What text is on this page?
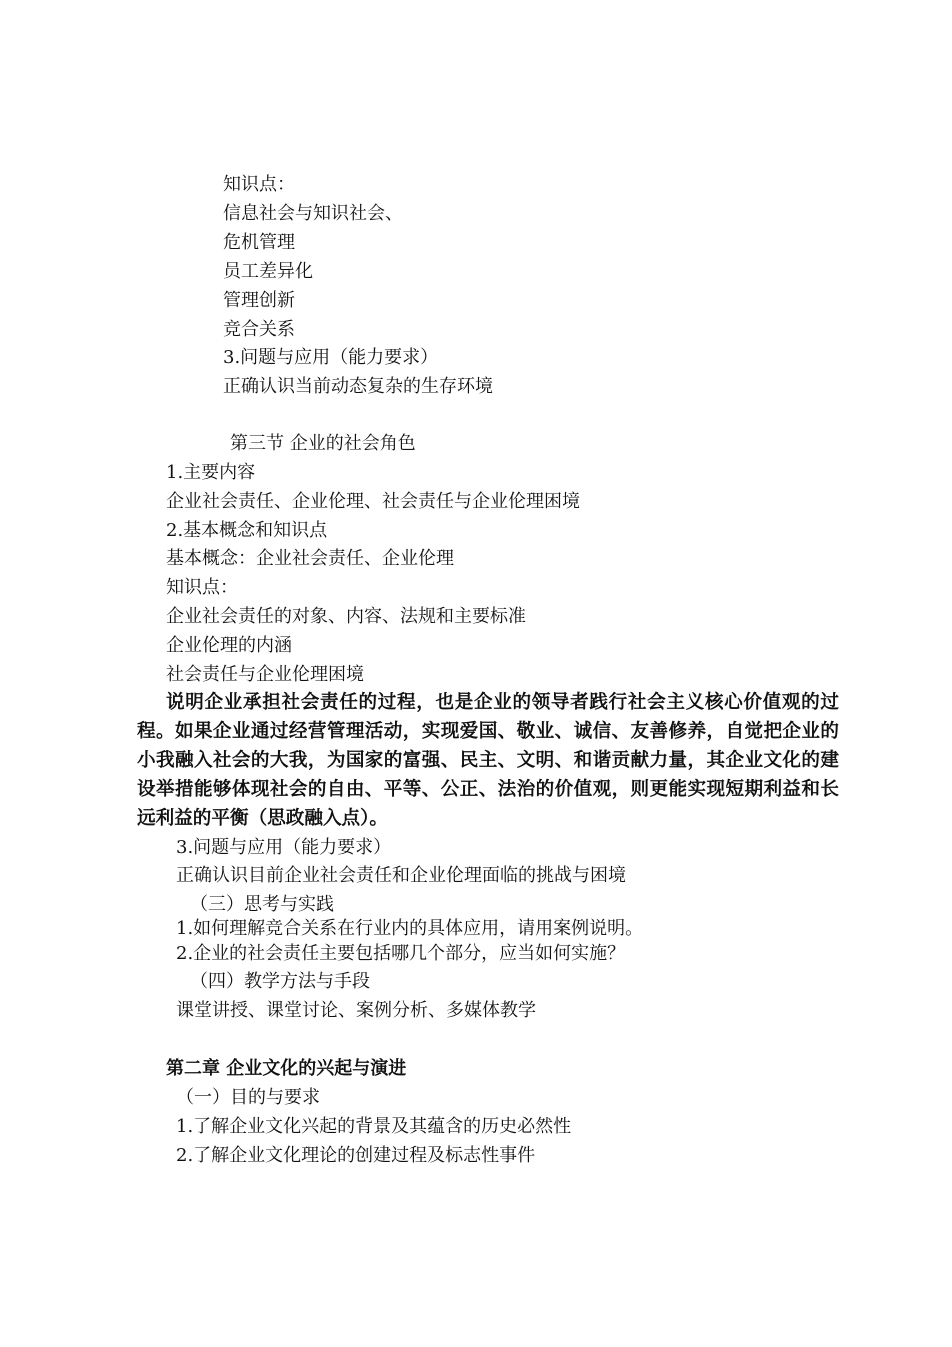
知识点：

信息社会与知识社会、

危机管理

员工差异化

管理创新

竞合关系

3.问题与应用（能力要求）

正确认识当前动态复杂的生存环境

第三节 企业的社会角色

1.主要内容

企业社会责任、企业伦理、社会责任与企业伦理困境

2.基本概念和知识点

基本概念：企业社会责任、企业伦理

知识点：

企业社会责任的对象、内容、法规和主要标准

企业伦理的内涵

社会责任与企业伦理困境

说明企业承担社会责任的过程，也是企业的领导者践行社会主义核心价值观的过程。如果企业通过经营管理活动，实现爱国、敬业、诚信、友善修养，自觉把企业的小我融入社会的大我，为国家的富强、民主、文明、和谐贡献力量，其企业文化的建设举措能够体现社会的自由、平等、公正、法治的价值观，则更能实现短期利益和长远利益的平衡（思政融入点）。

3.问题与应用（能力要求）

正确认识目前企业社会责任和企业伦理面临的挑战与困境

（三）思考与实践

1.如何理解竞合关系在行业内的具体应用，请用案例说明。

2.企业的社会责任主要包括哪几个部分，应当如何实施？

（四）教学方法与手段

课堂讲授、课堂讨论、案例分析、多媒体教学

第二章 企业文化的兴起与演进

（一）目的与要求

1.了解企业文化兴起的背景及其蕴含的历史必然性

2.了解企业文化理论的创建过程及标志性事件
